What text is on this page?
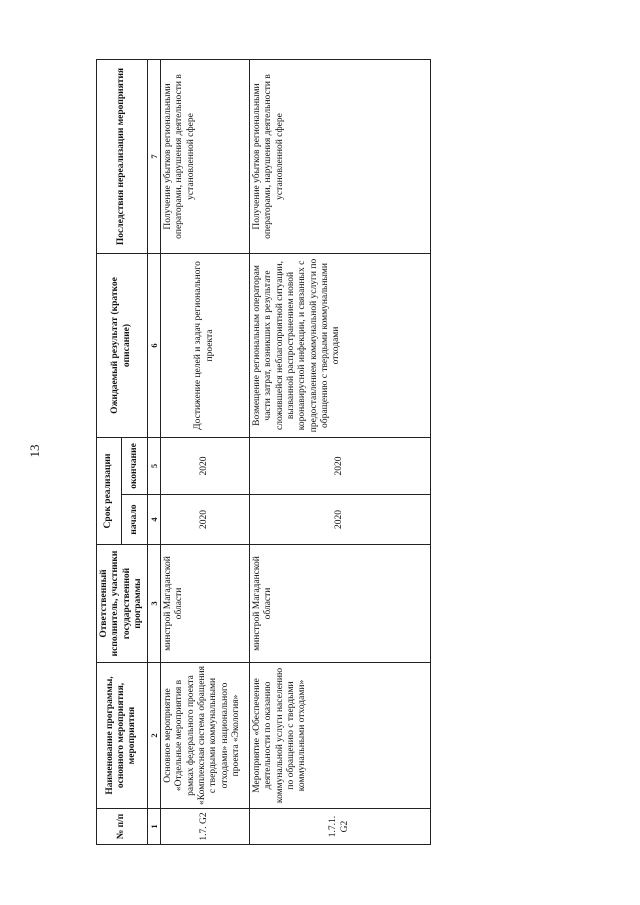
13
№ п/п	Наименование программы, основного мероприятия, мероприятия	Ответственный исполнитель, участники государственной программы	Срок реализации		Ожидаемый результат (краткое описание)	Последствия нереализации мероприятия
			начало	окончание		
1	2	3	4	5	6	7
1.7. G2	Основное мероприятие «Отдельные мероприятия в рамках федерального проекта «Комплексная система обращения с твердыми коммунальными отходами» национального проекта «Экология»	минстрой Магаданской области	2020	2020	Достижение целей и задач регионального проекта	Получение убытков региональными операторами, нарушения деятельности в установленной сфере
1.7.1. G2	Мероприятие «Обеспечение деятельности по оказанию коммунальной услуги населению по обращению с твердыми коммунальными отходами»	минстрой Магаданской области	2020	2020	Возмещение региональным операторам части затрат, возникших в результате сложившейся неблагоприятной ситуации, вызванной распространением новой коронавирусной инфекции, и связанных с предоставлением коммунальной услуги по обращению с твердыми коммунальными отходами	Получение убытков региональными операторами, нарушения деятельности в установленной сфере
